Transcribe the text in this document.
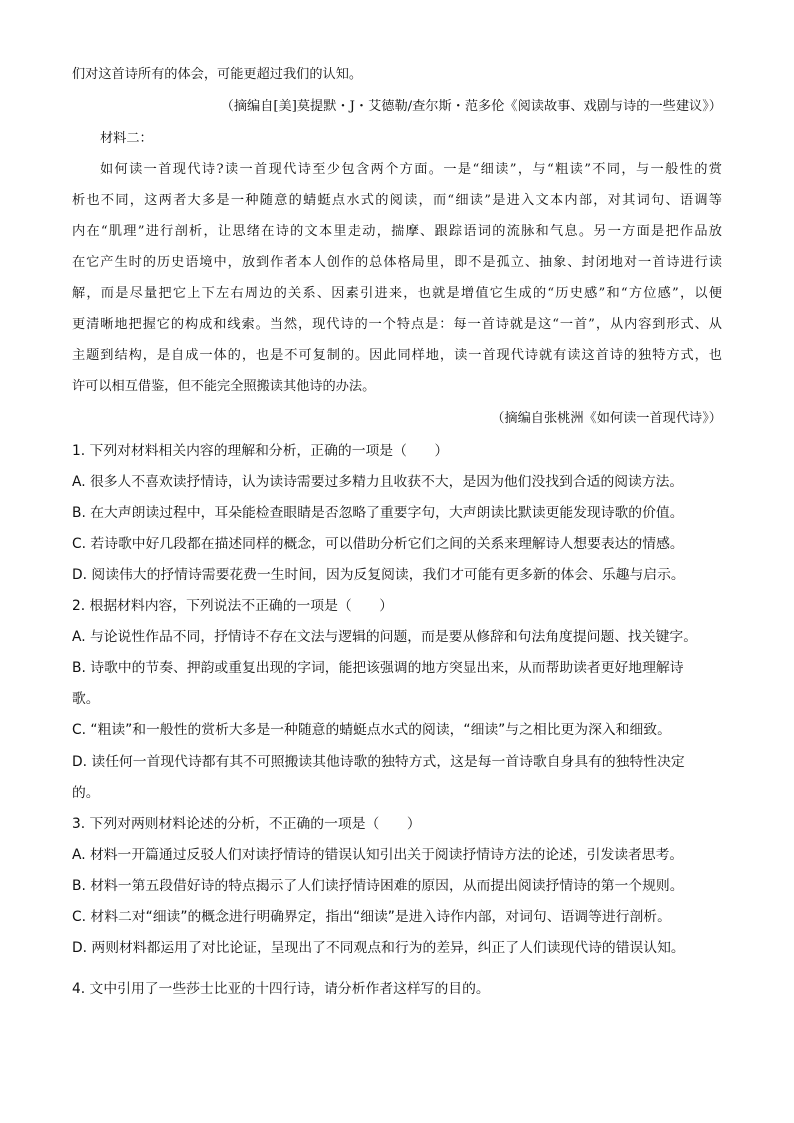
们对这首诗所有的体会，可能更超过我们的认知。
（摘编自[美]莫提默・J・艾德勒/查尔斯・范多伦《阅读故事、戏剧与诗的一些建议》）
材料二：
如何读一首现代诗?读一首现代诗至少包含两个方面。一是“细读”，与“粗读”不同，与一般性的赏
析也不同，这两者大多是一种随意的蜻蜓点水式的阅读，而“细读”是进入文本内部，对其词句、语调等
内在“肌理”进行剖析，让思绪在诗的文本里走动，揣摩、跟踪语词的流脉和气息。另一方面是把作品放
在它产生时的历史语境中，放到作者本人创作的总体格局里，即不是孤立、抽象、封闭地对一首诗进行读
解，而是尽量把它上下左右周边的关系、因素引进来，也就是增值它生成的“历史感”和“方位感”，以便
更清晰地把握它的构成和线索。当然，现代诗的一个特点是：每一首诗就是这“一首”，从内容到形式、从
主题到结构，是自成一体的，也是不可复制的。因此同样地，读一首现代诗就有读这首诗的独特方式，也
许可以相互借鉴，但不能完全照搬读其他诗的办法。
（摘编自张桃洲《如何读一首现代诗》）
1. 下列对材料相关内容的理解和分析，正确的一项是（　　）
A. 很多人不喜欢读抒情诗，认为读诗需要过多精力且收获不大，是因为他们没找到合适的阅读方法。
B. 在大声朗读过程中，耳朵能检查眼睛是否忽略了重要字句，大声朗读比默读更能发现诗歌的价值。
C. 若诗歌中好几段都在描述同样的概念，可以借助分析它们之间的关系来理解诗人想要表达的情感。
D. 阅读伟大的抒情诗需要花费一生时间，因为反复阅读，我们才可能有更多新的体会、乐趣与启示。
2. 根据材料内容，下列说法不正确的一项是（　　）
A. 与论说性作品不同，抒情诗不存在文法与逻辑的问题，而是要从修辞和句法角度提问题、找关键字。
B. 诗歌中的节奏、押韵或重复出现的字词，能把该强调的地方突显出来，从而帮助读者更好地理解诗
歌。
C. “粗读”和一般性的赏析大多是一种随意的蜻蜓点水式的阅读，“细读”与之相比更为深入和细致。
D. 读任何一首现代诗都有其不可照搬读其他诗歌的独特方式，这是每一首诗歌自身具有的独特性决定
的。
3. 下列对两则材料论述的分析，不正确的一项是（　　）
A. 材料一开篇通过反驳人们对读抒情诗的错误认知引出关于阅读抒情诗方法的论述，引发读者思考。
B. 材料一第五段借好诗的特点揭示了人们读抒情诗困难的原因，从而提出阅读抒情诗的第一个规则。
C. 材料二对“细读”的概念进行明确界定，指出“细读”是进入诗作内部，对词句、语调等进行剖析。
D. 两则材料都运用了对比论证，呈现出了不同观点和行为的差异，纠正了人们读现代诗的错误认知。
4. 文中引用了一些莎士比亚的十四行诗，请分析作者这样写的目的。
